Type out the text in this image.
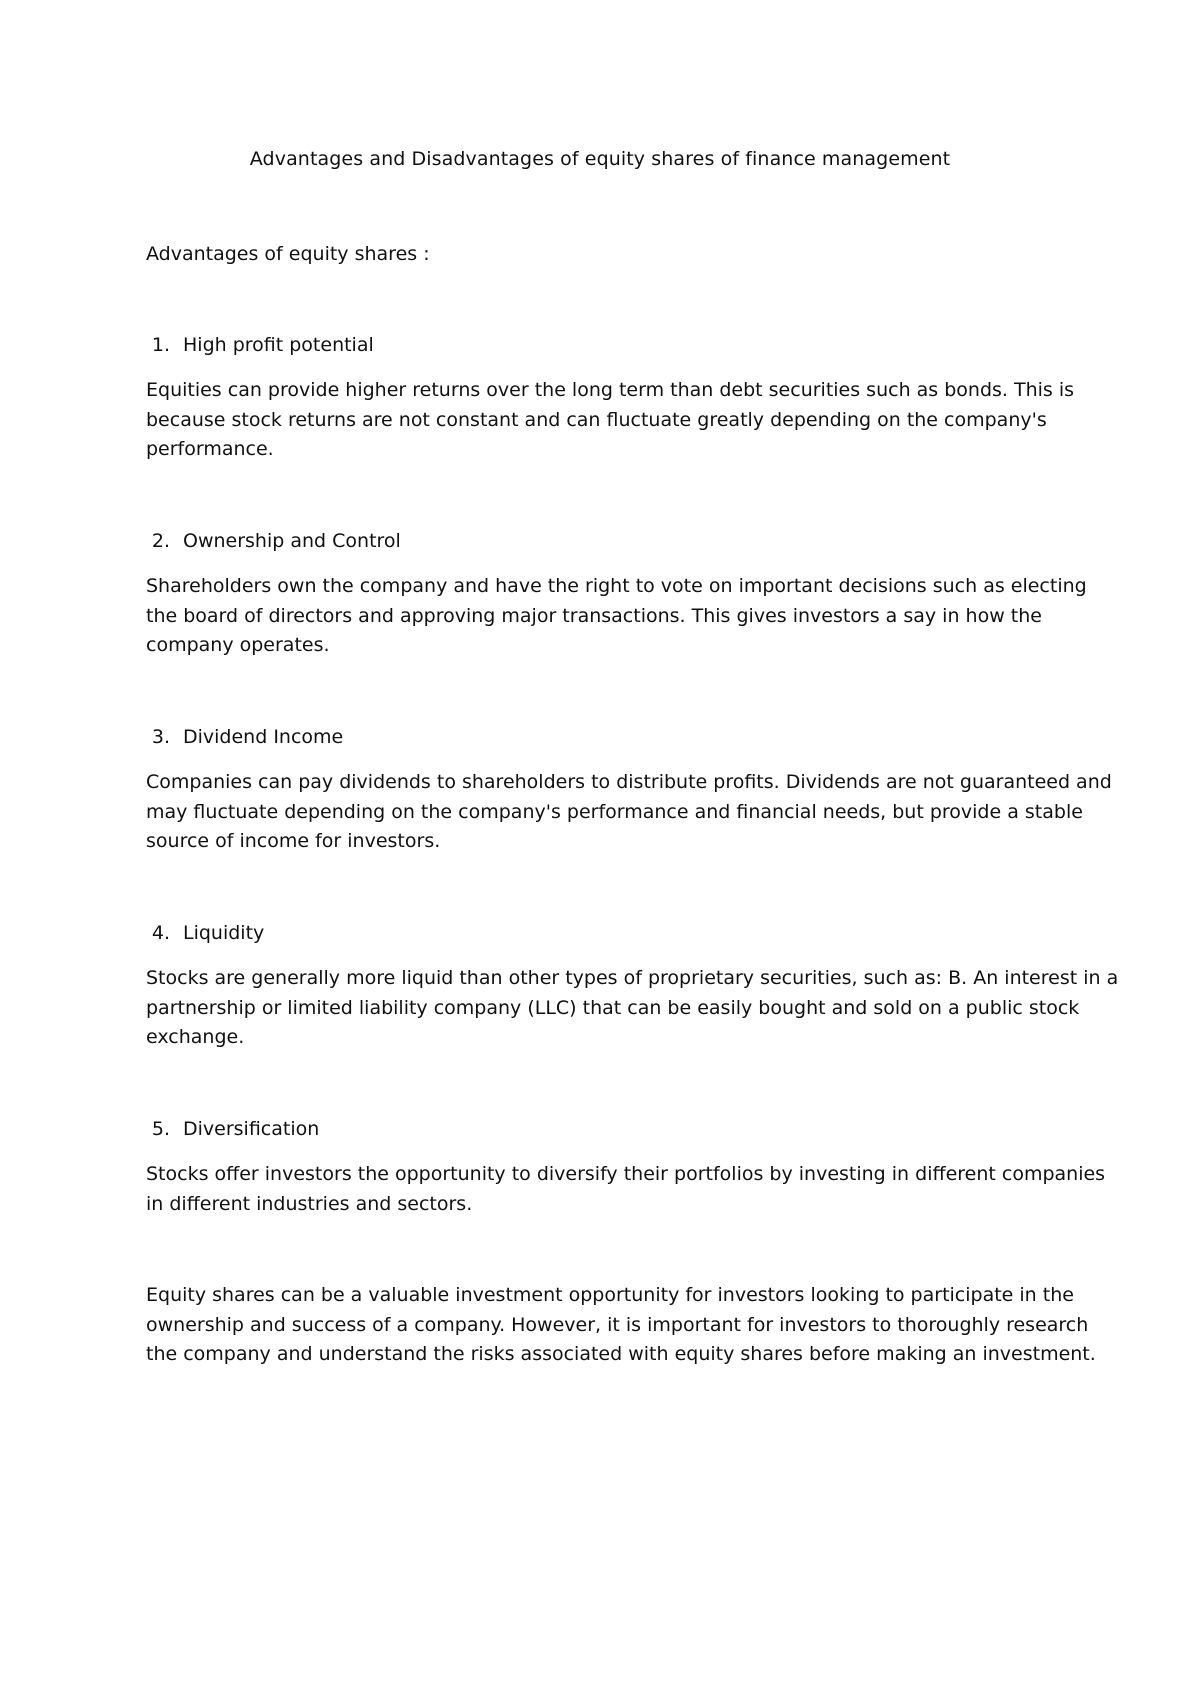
Advantages and Disadvantages of equity shares of finance management
Advantages of equity shares :
1. High profit potential
Equities can provide higher returns over the long term than debt securities such as bonds. This is
because stock returns are not constant and can fluctuate greatly depending on the company's
performance.
2. Ownership and Control
Shareholders own the company and have the right to vote on important decisions such as electing
the board of directors and approving major transactions. This gives investors a say in how the
company operates.
3. Dividend Income
Companies can pay dividends to shareholders to distribute profits. Dividends are not guaranteed and
may fluctuate depending on the company's performance and financial needs, but provide a stable
source of income for investors.
4. Liquidity
Stocks are generally more liquid than other types of proprietary securities, such as: B. An interest in a
partnership or limited liability company (LLC) that can be easily bought and sold on a public stock
exchange.
5. Diversification
Stocks offer investors the opportunity to diversify their portfolios by investing in different companies
in different industries and sectors.
Equity shares can be a valuable investment opportunity for investors looking to participate in the
ownership and success of a company. However, it is important for investors to thoroughly research
the company and understand the risks associated with equity shares before making an investment.
